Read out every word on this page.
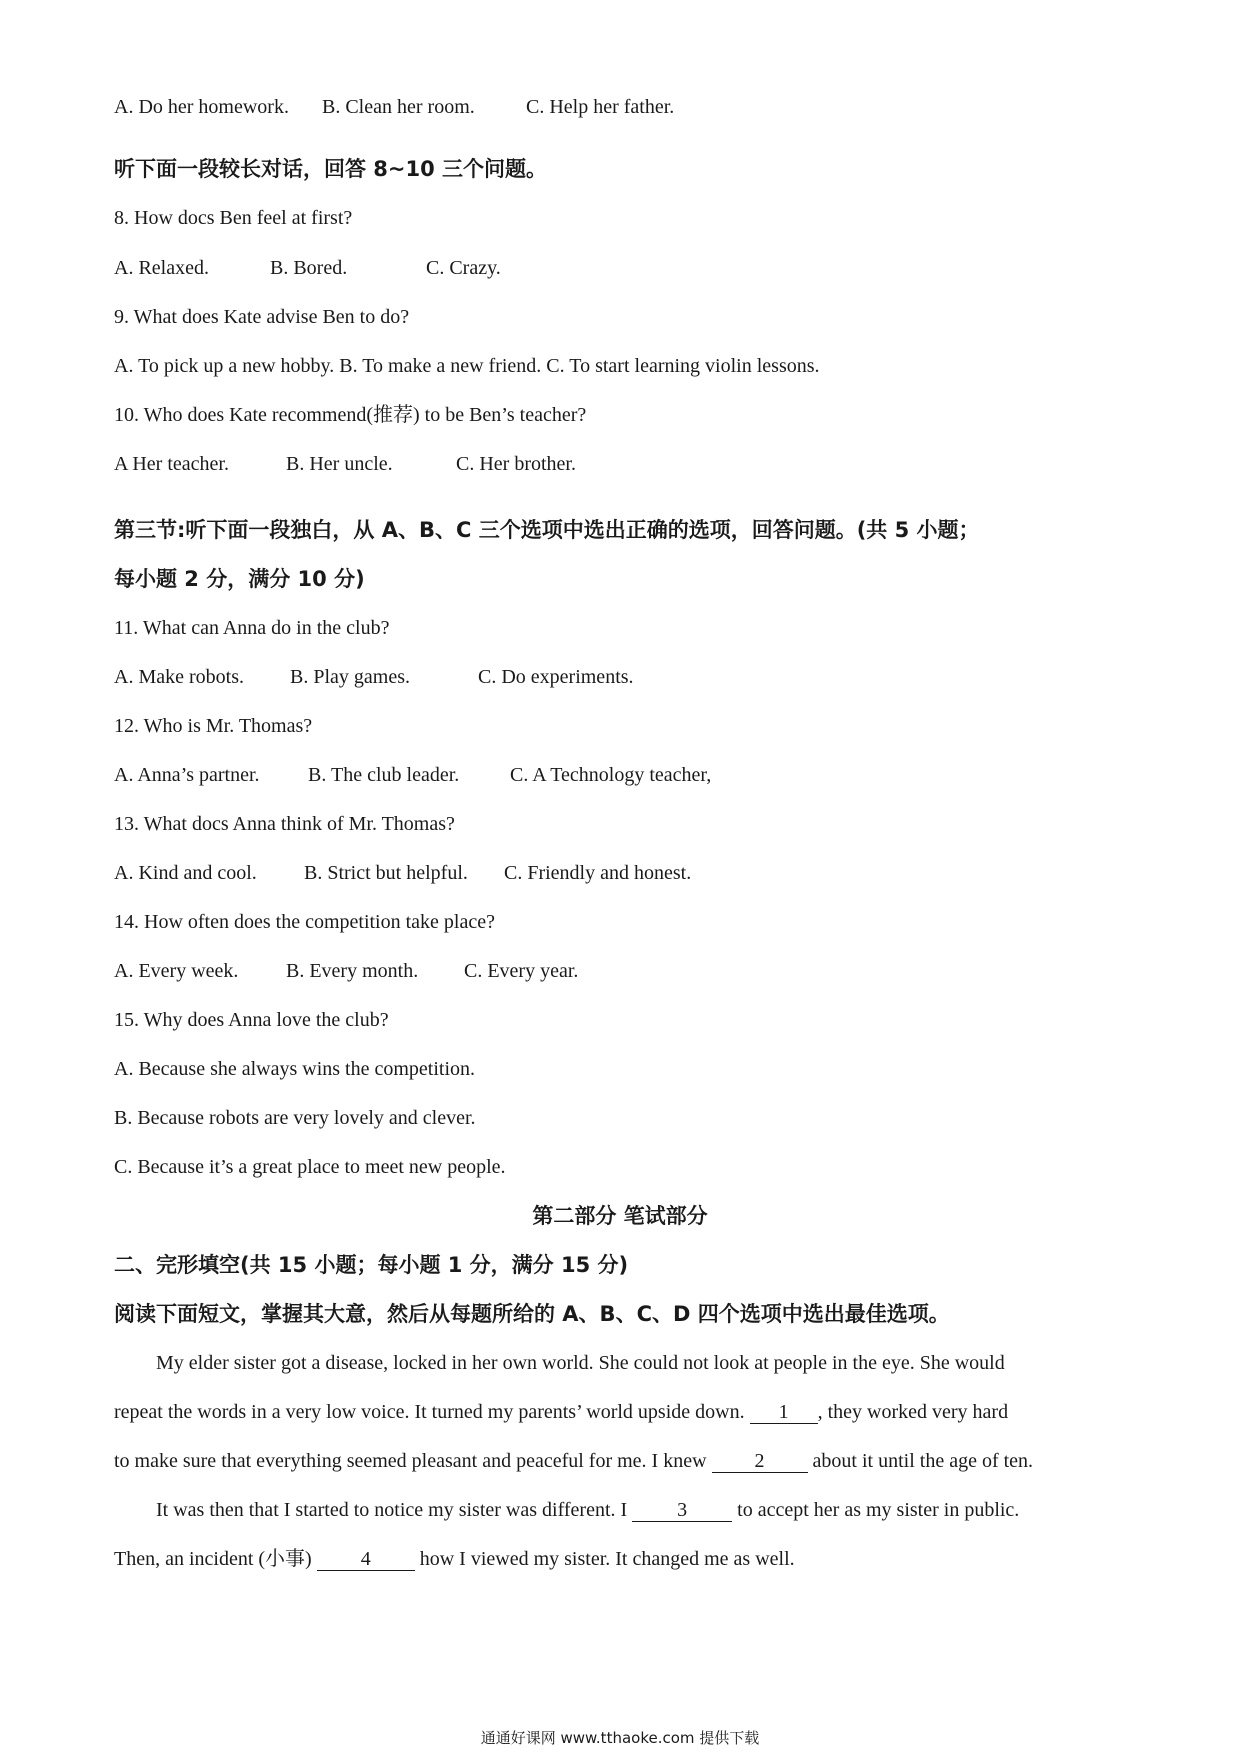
A. Do her homework. B. Clean her room.	C. Help her father.
听下面一段较长对话，回答 8~10 三个问题。
8. How docs Ben feel at first?
A. Relaxed.	B. Bored.	C. Crazy.
9. What does Kate advise Ben to do?
A. To pick up a new hobby. B. To make a new friend. C. To start learning violin lessons.
10. Who does Kate recommend(推荐) to be Ben’s teacher?
A Her teacher.	B. Her uncle.	C. Her brother.
第三节:听下面一段独白，从 A、B、C 三个选项中选出正确的选项，回答问题。(共 5 小题；
每小题 2 分，满分 10 分)
11. What can Anna do in the club?
A. Make robots. B. Play games.	C. Do experiments.
12. Who is Mr. Thomas?
A. Anna’s partner. B. The club leader.	C. A Technology teacher,
13. What docs Anna think of Mr. Thomas?
A. Kind and cool. B. Strict but helpful. C. Friendly and honest.
14. How often does the competition take place?
A. Every week. B. Every month. C. Every year.
15. Why does Anna love the club?
A. Because she always wins the competition.
B. Because robots are very lovely and clever.
C. Because it’s a great place to meet new people.
第二部分 笔试部分
二、完形填空(共 15 小题；每小题 1 分，满分 15 分)
阅读下面短文，掌握其大意，然后从每题所给的 A、B、C、D 四个选项中选出最佳选项。
My elder sister got a disease, locked in her own world. She could not look at people in the eye. She would
repeat the words in a very low voice. It turned my parents’ world upside down. 1 , they worked very hard
to make sure that everything seemed pleasant and peaceful for me. I knew 2 about it until the age of ten.
It was then that I started to notice my sister was different. I 3 to accept her as my sister in public.
Then, an incident (小事) 4 how I viewed my sister. It changed me as well.
通通好课网 www.tthaoke.com 提供下载
